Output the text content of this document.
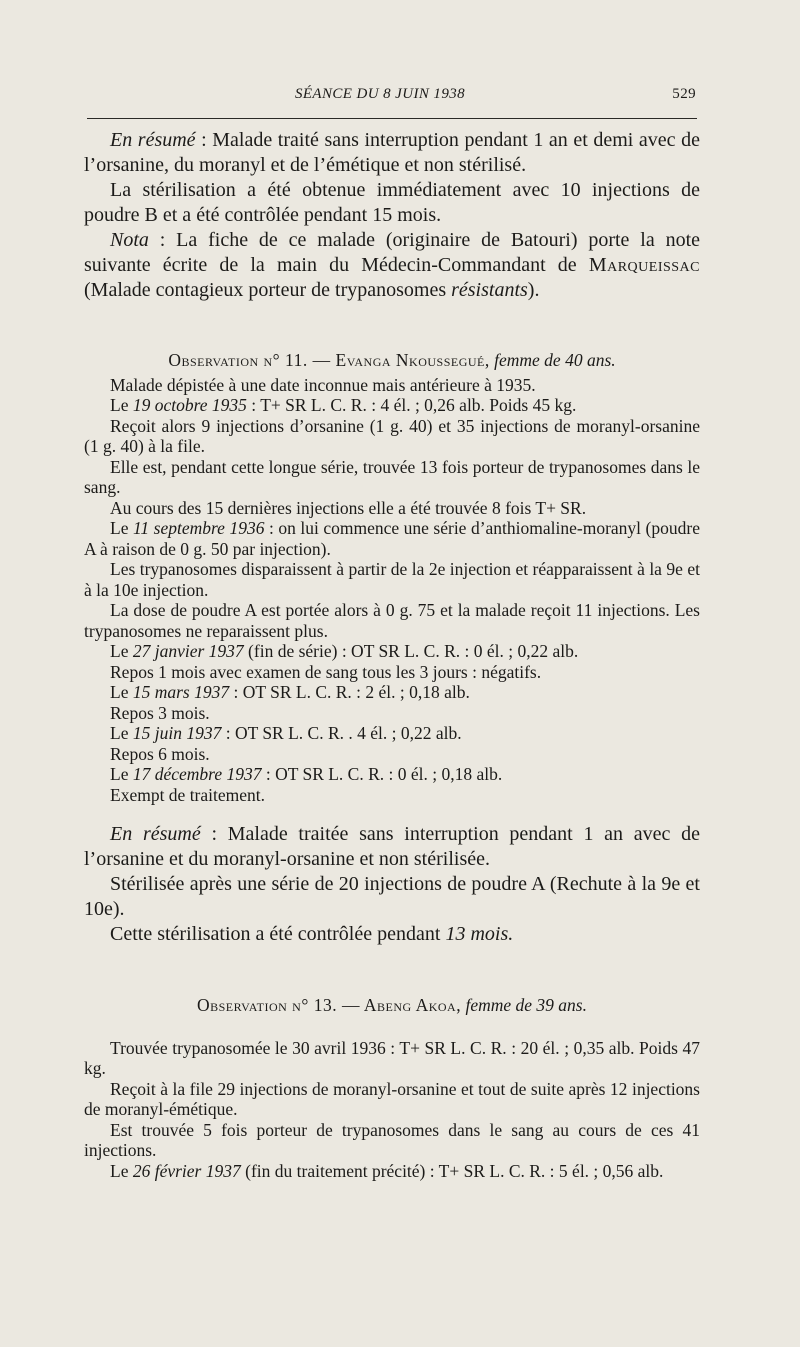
SÉANCE DU 8 JUIN 1938	529

En résumé : Malade traité sans interruption pendant 1 an et demi avec de l’orsanine, du moranyl et de l’émétique et non stérilisé.

La stérilisation a été obtenue immédiatement avec 10 injections de poudre B et a été contrôlée pendant 15 mois.

Nota : La fiche de ce malade (originaire de Batouri) porte la note suivante écrite de la main du Médecin-Commandant de Marqueissac (Malade contagieux porteur de trypanosomes résistants).

Observation n° 11. — Evanga Nkoussegué, femme de 40 ans.

Malade dépistée à une date inconnue mais antérieure à 1935.

Le 19 octobre 1935 : T+ SR L. C. R. : 4 él. ; 0,26 alb. Poids 45 kg.

Reçoit alors 9 injections d’orsanine (1 g. 40) et 35 injections de moranyl-orsanine (1 g. 40) à la file.

Elle est, pendant cette longue série, trouvée 13 fois porteur de trypanosomes dans le sang.

Au cours des 15 dernières injections elle a été trouvée 8 fois T+ SR.

Le 11 septembre 1936 : on lui commence une série d’anthiomaline-moranyl (poudre A à raison de 0 g. 50 par injection).

Les trypanosomes disparaissent à partir de la 2e injection et réapparaissent à la 9e et à la 10e injection.

La dose de poudre A est portée alors à 0 g. 75 et la malade reçoit 11 injections. Les trypanosomes ne reparaissent plus.

Le 27 janvier 1937 (fin de série) : OT SR L. C. R. : 0 él. ; 0,22 alb.

Repos 1 mois avec examen de sang tous les 3 jours : négatifs.

Le 15 mars 1937 : OT SR L. C. R. : 2 él. ; 0,18 alb.

Repos 3 mois.

Le 15 juin 1937 : OT SR L. C. R. . 4 él. ; 0,22 alb.

Repos 6 mois.

Le 17 décembre 1937 : OT SR L. C. R. : 0 él. ; 0,18 alb.

Exempt de traitement.

En résumé : Malade traitée sans interruption pendant 1 an avec de l’orsanine et du moranyl-orsanine et non stérilisée.

Stérilisée après une série de 20 injections de poudre A (Rechute à la 9e et 10e).

Cette stérilisation a été contrôlée pendant 13 mois.

Observation n° 13. — Abeng Akoa, femme de 39 ans.

Trouvée trypanosomée le 30 avril 1936 : T+ SR L. C. R. : 20 él. ; 0,35 alb. Poids 47 kg.

Reçoit à la file 29 injections de moranyl-orsanine et tout de suite après 12 injections de moranyl-émétique.

Est trouvée 5 fois porteur de trypanosomes dans le sang au cours de ces 41 injections.

Le 26 février 1937 (fin du traitement précité) : T+ SR L. C. R. : 5 él. ; 0,56 alb.
